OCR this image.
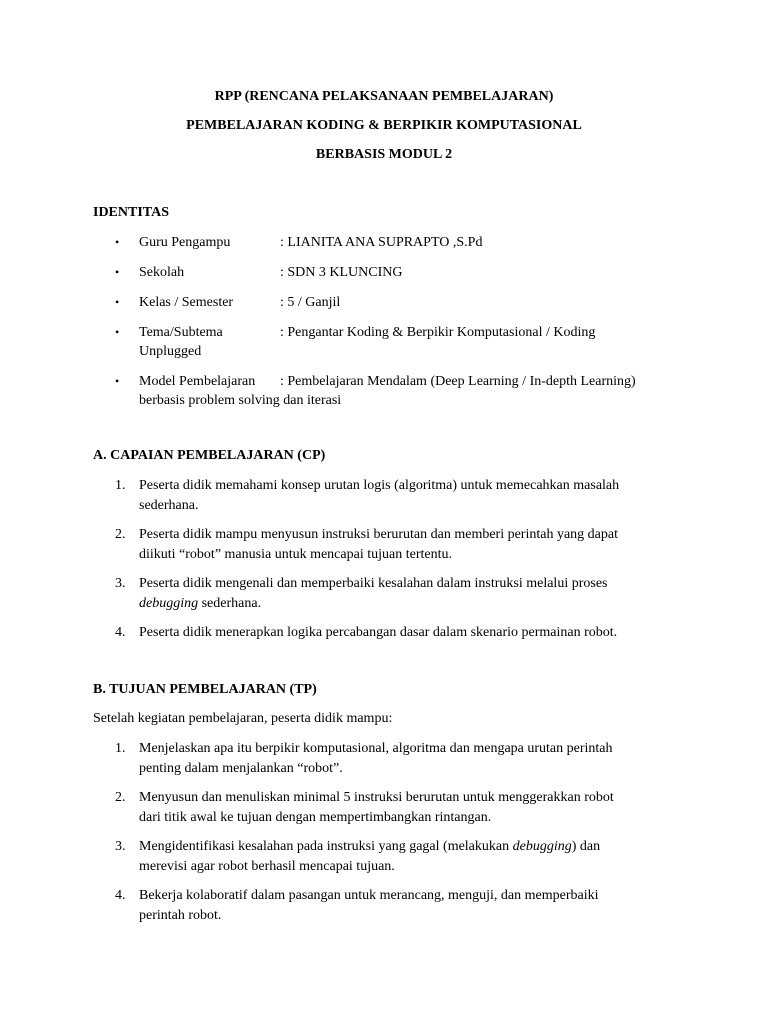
RPP (RENCANA PELAKSANAAN PEMBELAJARAN)
PEMBELAJARAN KODING & BERPIKIR KOMPUTASIONAL
BERBASIS MODUL 2
IDENTITAS
• Guru Pengampu	: LIANITA ANA SUPRAPTO ,S.Pd
• Sekolah	: SDN 3 KLUNCING
• Kelas / Semester	: 5 / Ganjil
• Tema/Subtema	: Pengantar Koding & Berpikir Komputasional / Koding
Unplugged
• Model Pembelajaran : Pembelajaran Mendalam (Deep Learning / In-depth Learning)
berbasis problem solving dan iterasi
A. CAPAIAN PEMBELAJARAN (CP)
1. Peserta didik memahami konsep urutan logis (algoritma) untuk memecahkan masalah
sederhana.
2. Peserta didik mampu menyusun instruksi berurutan dan memberi perintah yang dapat
diikuti “robot” manusia untuk mencapai tujuan tertentu.
3. Peserta didik mengenali dan memperbaiki kesalahan dalam instruksi melalui proses
debugging sederhana.
4. Peserta didik menerapkan logika percabangan dasar dalam skenario permainan robot.
B. TUJUAN PEMBELAJARAN (TP)
Setelah kegiatan pembelajaran, peserta didik mampu:
1. Menjelaskan apa itu berpikir komputasional, algoritma dan mengapa urutan perintah
penting dalam menjalankan “robot”.
2. Menyusun dan menuliskan minimal 5 instruksi berurutan untuk menggerakkan robot
dari titik awal ke tujuan dengan mempertimbangkan rintangan.
3. Mengidentifikasi kesalahan pada instruksi yang gagal (melakukan debugging) dan
merevisi agar robot berhasil mencapai tujuan.
4. Bekerja kolaboratif dalam pasangan untuk merancang, menguji, dan memperbaiki
perintah robot.
